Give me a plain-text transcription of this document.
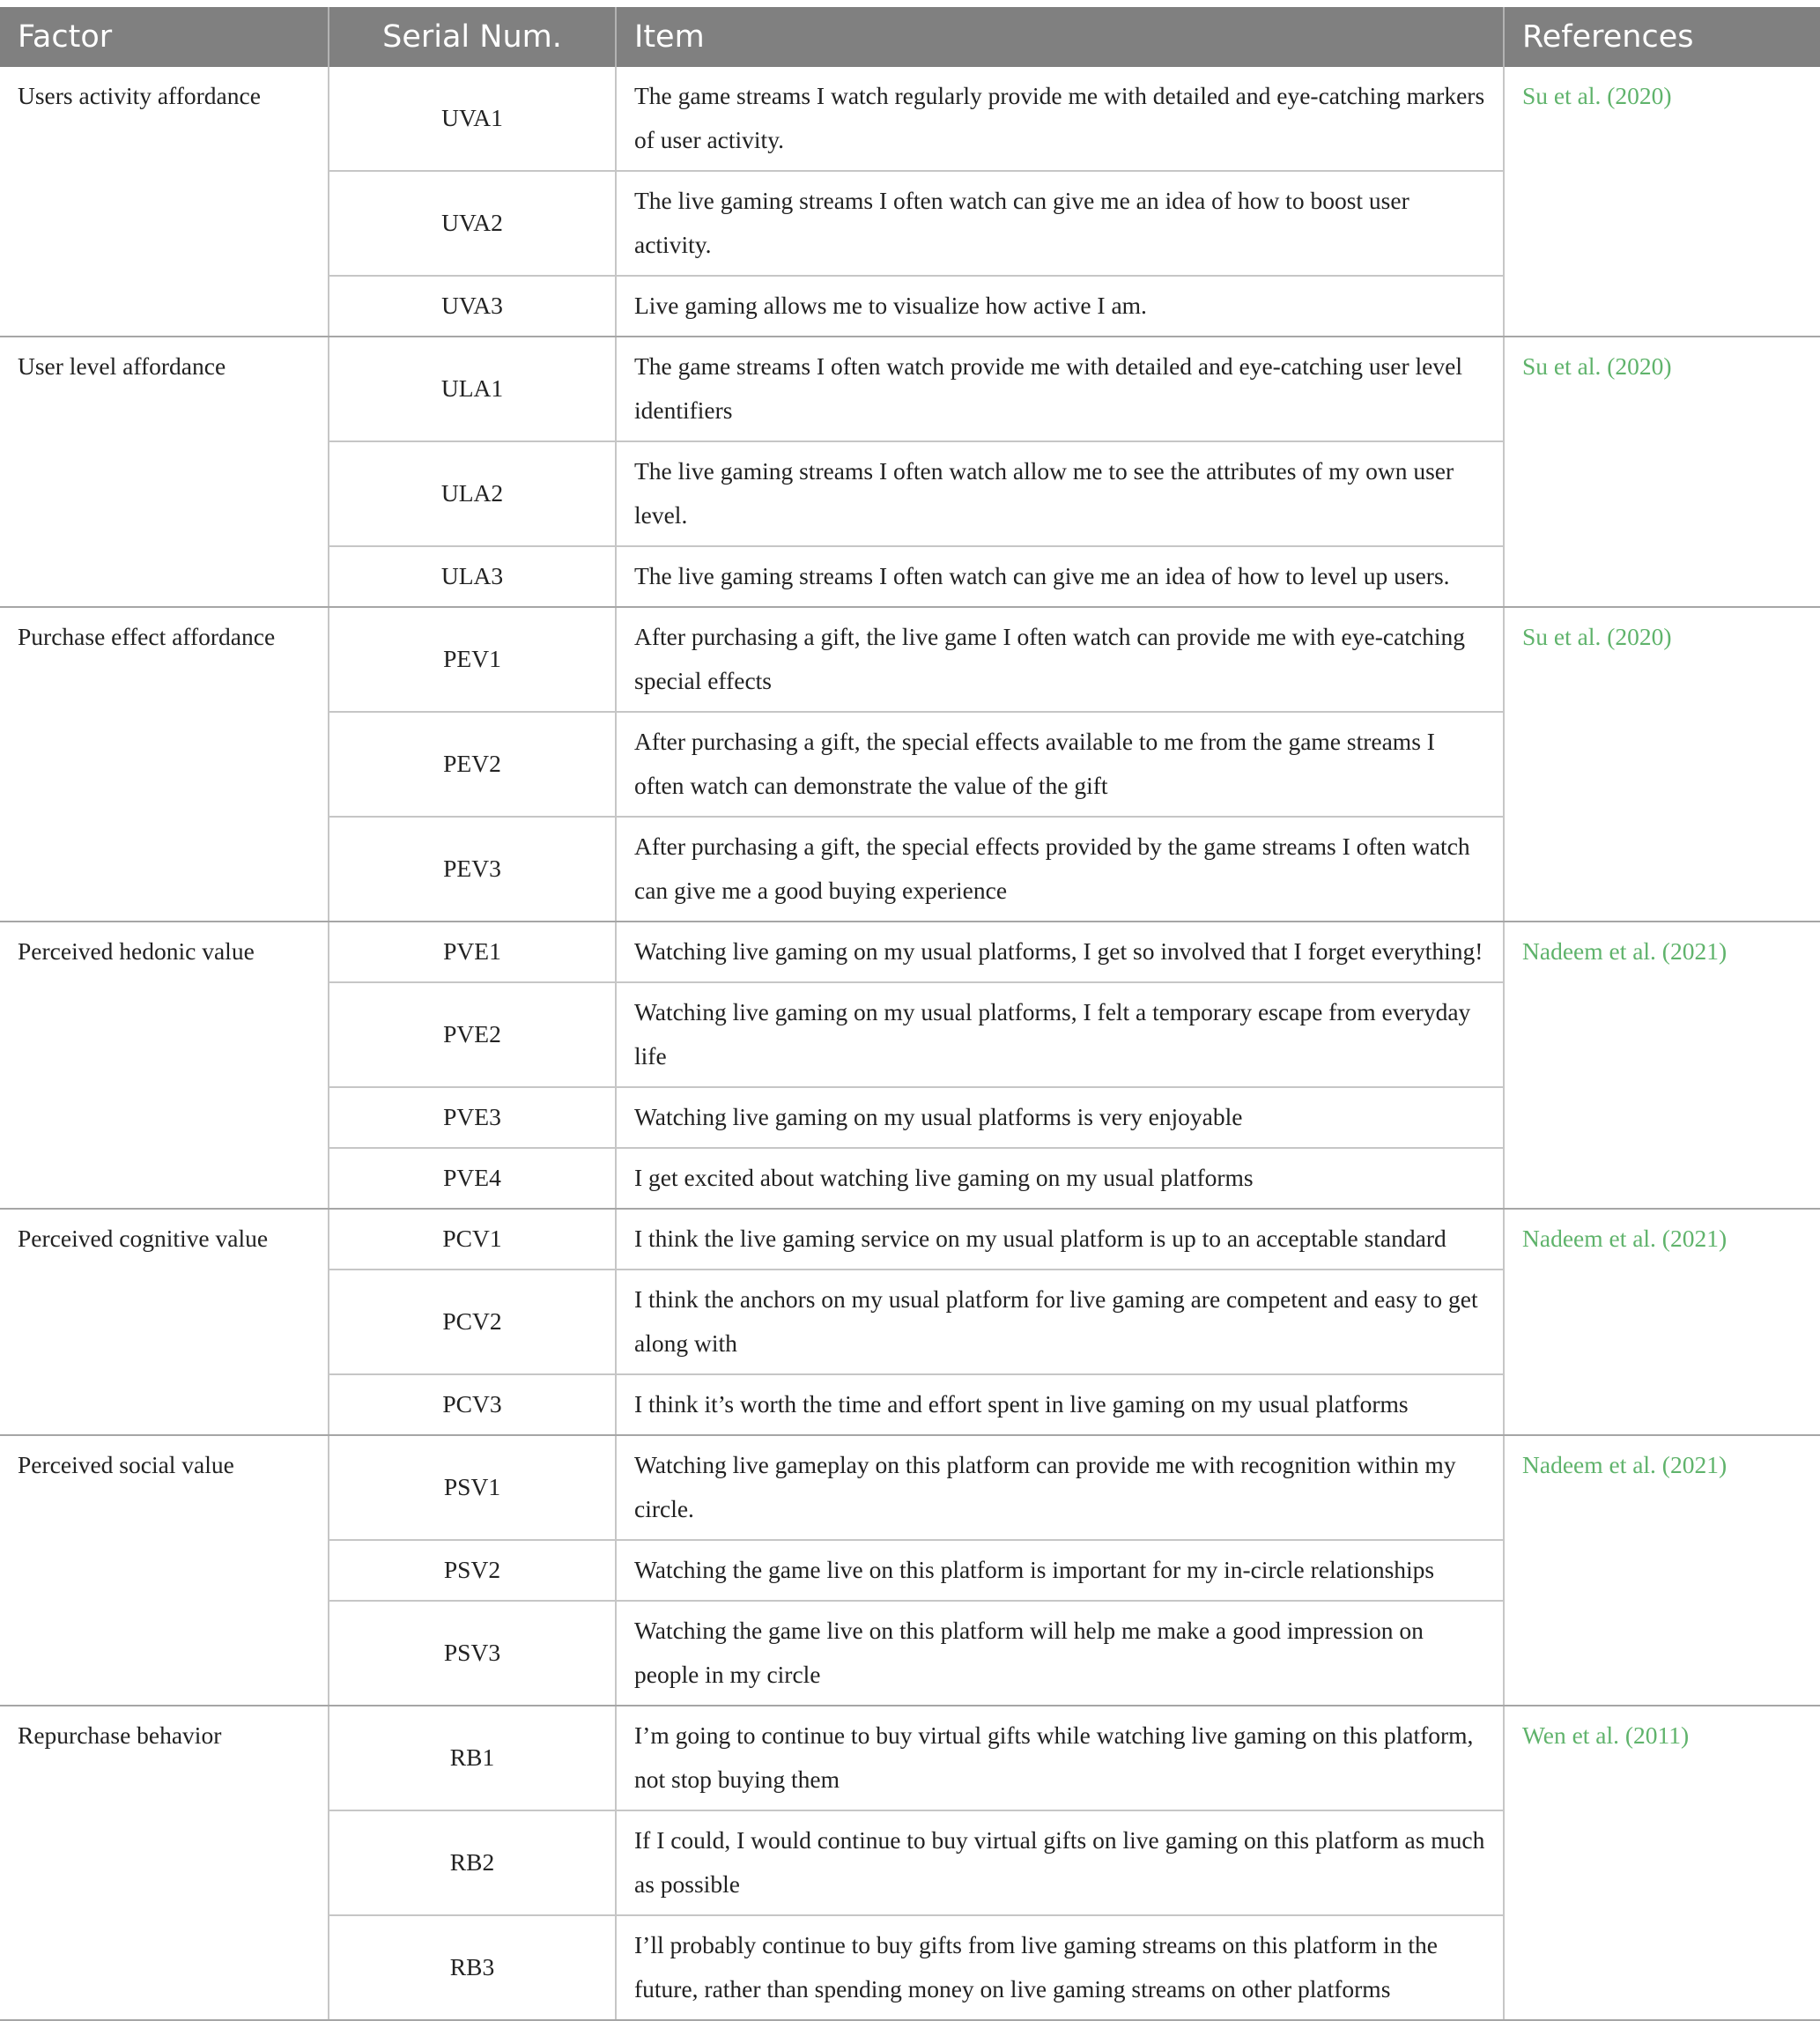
Factor	Serial Num.	Item	References
Users activity affordance	UVA1	The game streams I watch regularly provide me with detailed and eye-catching markers of user activity.	Su et al. (2020)
	UVA2	The live gaming streams I often watch can give me an idea of how to boost user activity.	
	UVA3	Live gaming allows me to visualize how active I am.	
User level affordance	ULA1	The game streams I often watch provide me with detailed and eye-catching user level identifiers	Su et al. (2020)
	ULA2	The live gaming streams I often watch allow me to see the attributes of my own user level.	
	ULA3	The live gaming streams I often watch can give me an idea of how to level up users.	
Purchase effect affordance	PEV1	After purchasing a gift, the live game I often watch can provide me with eye-catching special effects	Su et al. (2020)
	PEV2	After purchasing a gift, the special effects available to me from the game streams I often watch can demonstrate the value of the gift	
	PEV3	After purchasing a gift, the special effects provided by the game streams I often watch can give me a good buying experience	
Perceived hedonic value	PVE1	Watching live gaming on my usual platforms, I get so involved that I forget everything!	Nadeem et al. (2021)
	PVE2	Watching live gaming on my usual platforms, I felt a temporary escape from everyday life	
	PVE3	Watching live gaming on my usual platforms is very enjoyable	
	PVE4	I get excited about watching live gaming on my usual platforms	
Perceived cognitive value	PCV1	I think the live gaming service on my usual platform is up to an acceptable standard	Nadeem et al. (2021)
	PCV2	I think the anchors on my usual platform for live gaming are competent and easy to get along with	
	PCV3	I think it’s worth the time and effort spent in live gaming on my usual platforms	
Perceived social value	PSV1	Watching live gameplay on this platform can provide me with recognition within my circle.	Nadeem et al. (2021)
	PSV2	Watching the game live on this platform is important for my in-circle relationships	
	PSV3	Watching the game live on this platform will help me make a good impression on people in my circle	
Repurchase behavior	RB1	I’m going to continue to buy virtual gifts while watching live gaming on this platform, not stop buying them	Wen et al. (2011)
	RB2	If I could, I would continue to buy virtual gifts on live gaming on this platform as much as possible	
	RB3	I’ll probably continue to buy gifts from live gaming streams on this platform in the future, rather than spending money on live gaming streams on other platforms	
